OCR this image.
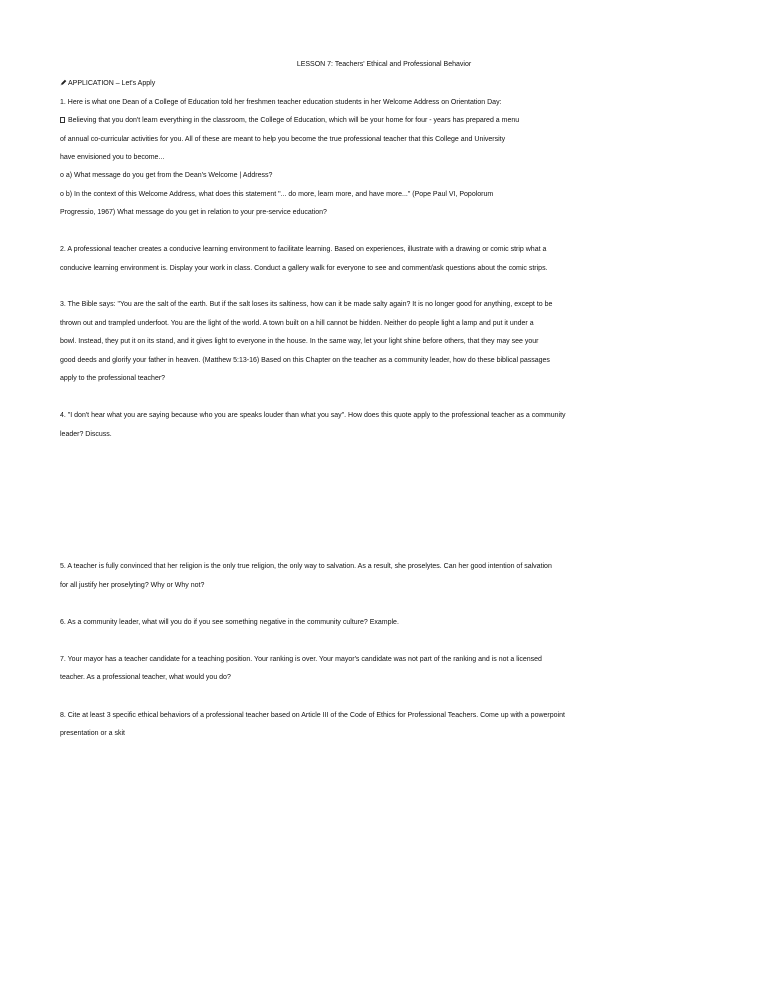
LESSON 7: Teachers' Ethical and Professional Behavior
APPLICATION – Let's Apply
1. Here is what one Dean of a College of Education told her freshmen teacher education students in her Welcome Address on Orientation Day:
Believing that you don't learn everything in the classroom, the College of Education, which will be your home for four - years has prepared a menu
of annual co-curricular activities for you. All of these are meant to help you become the true professional teacher that this College and University
have envisioned you to become...
o a) What message do you get from the Dean's Welcome | Address?
o b) In the context of this Welcome Address, what does this statement "... do more, learn more, and have more..." (Pope Paul VI, Popolorum
Progressio, 1967) What message do you get in relation to your pre-service education?
2. A professional teacher creates a conducive learning environment to facilitate learning. Based on experiences, illustrate with a drawing or comic strip what a
conducive learning environment is. Display your work in class. Conduct a gallery walk for everyone to see and comment/ask questions about the comic strips.
3. The Bible says: "You are the salt of the earth. But if the salt loses its saltiness, how can it be made salty again? It is no longer good for anything, except to be
thrown out and trampled underfoot. You are the light of the world. A town built on a hill cannot be hidden. Neither do people light a lamp and put it under a
bowl. Instead, they put it on its stand, and it gives light to everyone in the house. In the same way, let your light shine before others, that they may see your
good deeds and glorify your father in heaven. (Matthew 5:13-16) Based on this Chapter on the teacher as a community leader, how do these biblical passages
apply to the professional teacher?
4. "I don't hear what you are saying because who you are speaks louder than what you say". How does this quote apply to the professional teacher as a community
leader? Discuss.
5. A teacher is fully convinced that her religion is the only true religion, the only way to salvation. As a result, she proselytes. Can her good intention of salvation
for all justify her proselyting? Why or Why not?
6. As a community leader, what will you do if you see something negative in the community culture? Example.
7. Your mayor has a teacher candidate for a teaching position. Your ranking is over. Your mayor's candidate was not part of the ranking and is not a licensed
teacher. As a professional teacher, what would you do?
8. Cite at least 3 specific ethical behaviors of a professional teacher based on Article III of the Code of Ethics for Professional Teachers. Come up with a powerpoint
presentation or a skit
